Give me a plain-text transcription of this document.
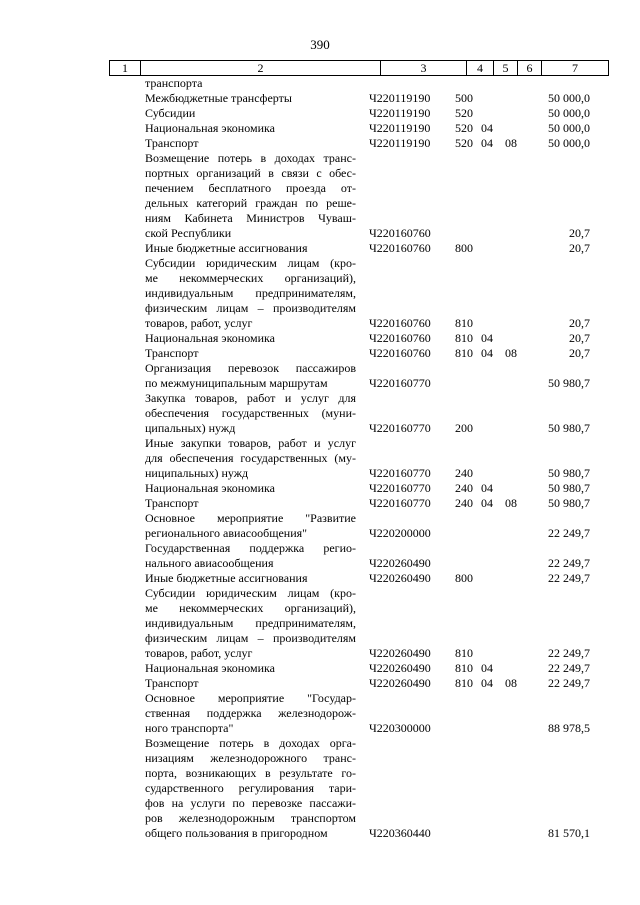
390
1	2	3	4	5	6	7
транспорта
Межбюджетные трансферты	Ч220119190 500	50 000,0
Субсидии	Ч220119190 520	50 000,0
Национальная экономика	Ч220119190 520 04	50 000,0
Транспорт	Ч220119190 520 04 08	50 000,0
Возмещение потерь в доходах транс-
портных организаций в связи с обес-
печением бесплатного проезда от-
дельных категорий граждан по реше-
ниям Кабинета Министров Чуваш-
ской Республики	Ч220160760	20,7
Иные бюджетные ассигнования	Ч220160760 800	20,7
Субсидии юридическим лицам (кро-
ме некоммерческих организаций),
индивидуальным предпринимателям,
физическим лицам – производителям
товаров, работ, услуг	Ч220160760 810	20,7
Национальная экономика	Ч220160760 810 04	20,7
Транспорт	Ч220160760 810 04 08	20,7
Организация перевозок пассажиров
по межмуниципальным маршрутам	Ч220160770	50 980,7
Закупка товаров, работ и услуг для
обеспечения государственных (муни-
ципальных) нужд	Ч220160770 200	50 980,7
Иные закупки товаров, работ и услуг
для обеспечения государственных (му-
ниципальных) нужд	Ч220160770 240	50 980,7
Национальная экономика	Ч220160770 240 04	50 980,7
Транспорт	Ч220160770 240 04 08	50 980,7
Основное мероприятие "Развитие
регионального авиасообщения"	Ч220200000	22 249,7
Государственная поддержка регио-
нального авиасообщения	Ч220260490	22 249,7
Иные бюджетные ассигнования	Ч220260490 800	22 249,7
Субсидии юридическим лицам (кро-
ме некоммерческих организаций),
индивидуальным предпринимателям,
физическим лицам – производителям
товаров, работ, услуг	Ч220260490 810	22 249,7
Национальная экономика	Ч220260490 810 04	22 249,7
Транспорт	Ч220260490 810 04 08	22 249,7
Основное мероприятие "Государ-
ственная поддержка железнодорож-
ного транспорта"	Ч220300000	88 978,5
Возмещение потерь в доходах орга-
низациям железнодорожного транс-
порта, возникающих в результате го-
сударственного регулирования тари-
фов на услуги по перевозке пассажи-
ров железнодорожным транспортом
общего пользования в пригородном	Ч220360440	81 570,1
